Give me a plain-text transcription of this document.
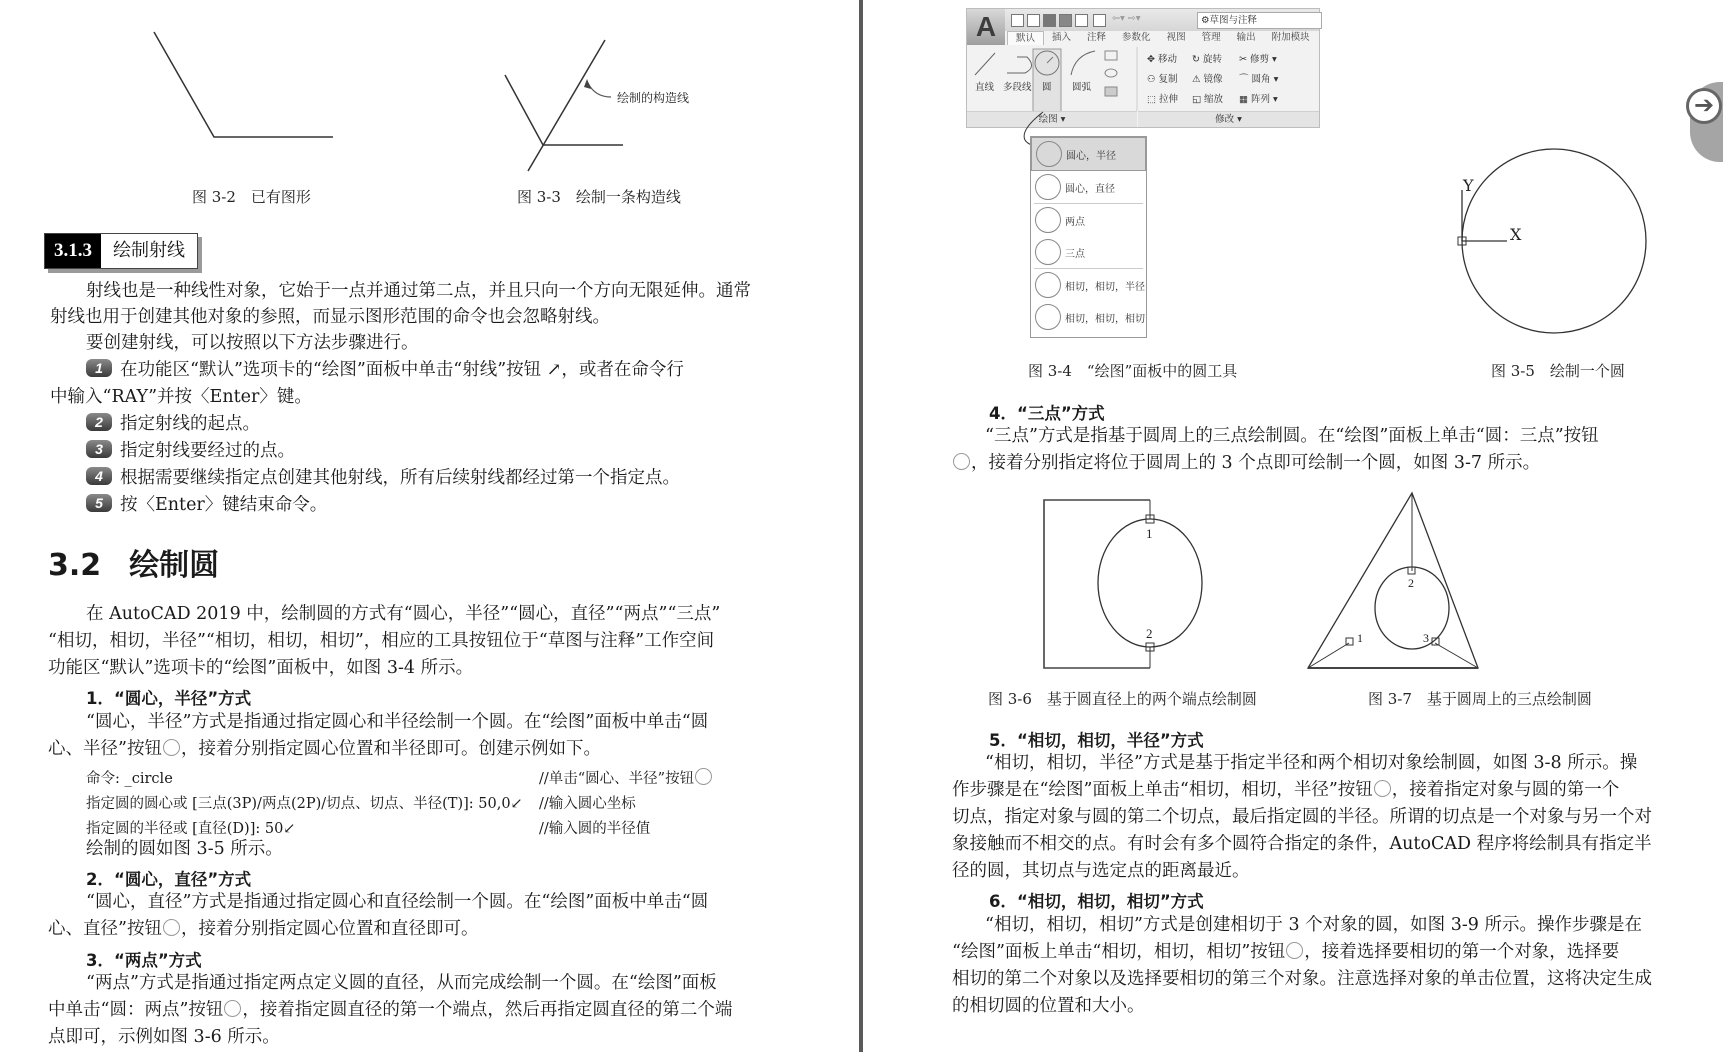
图 3-2　已有图形
绘制的构造线
图 3-3　绘制一条构造线
3.1.3	绘制射线
射线也是一种线性对象，它始于一点并通过第二点，并且只向一个方向无限延伸。通常
射线也用于创建其他对象的参照，而显示图形范围的命令也会忽略射线。
要创建射线，可以按照以下方法步骤进行。
1 在功能区“默认”选项卡的“绘图”面板中单击“射线”按钮 ↗，或者在命令行
中输入“RAY”并按〈Enter〉键。
2 指定射线的起点。
3 指定射线要经过的点。
4 根据需要继续指定点创建其他射线，所有后续射线都经过第一个指定点。
5 按〈Enter〉键结束命令。
3.2 绘制圆
在 AutoCAD 2019 中，绘制圆的方式有“圆心，半径”“圆心，直径”“两点”“三点”
“相切，相切，半径”“相切，相切，相切”，相应的工具按钮位于“草图与注释”工作空间
功能区“默认”选项卡的“绘图”面板中，如图 3-4 所示。
1．“圆心，半径”方式
“圆心，半径”方式是指通过指定圆心和半径绘制一个圆。在“绘图”面板中单击“圆
心、半径”按钮 ，接着分别指定圆心位置和半径即可。创建示例如下。
命令: _circle	//单击“圆心、半径”按钮
指定圆的圆心或 [三点(3P)/两点(2P)/切点、切点、半径(T)]: 50,0↙ //输入圆心坐标
指定圆的半径或 [直径(D)]: 50↙	//输入圆的半径值
绘制的圆如图 3-5 所示。
2．“圆心，直径”方式
“圆心，直径”方式是指通过指定圆心和直径绘制一个圆。在“绘图”面板中单击“圆
心、直径”按钮 ，接着分别指定圆心位置和直径即可。
3．“两点”方式
“两点”方式是指通过指定两点定义圆的直径，从而完成绘制一个圆。在“绘图”面板
中单击“圆：两点”按钮 ，接着指定圆直径的第一个端点，然后再指定圆直径的第二个端
点即可，示例如图 3-6 所示。
A	⇦▾ ⇨▾	⚙草图与注释
默认	插入	注释	参数化	视图	管理	输出	附加模块
直线 多段线 圆 圆弧
✥ 移动 ↻ 旋转 ✂ 修剪 ▾
⚇ 复制 ⚠ 镜像 ⌒ 圆角 ▾
⬚ 拉伸 ◱ 缩放 ▦ 阵列 ▾
绘图 ▾	修改 ▾
圆心，半径
圆心，直径
两点
三点
相切，相切，半径
相切，相切，相切
图 3-4　“绘图”面板中的圆工具
Y
X
图 3-5　绘制一个圆
➔
4．“三点”方式
“三点”方式是指基于圆周上的三点绘制圆。在“绘图”面板上单击“圆：三点”按钮
，接着分别指定将位于圆周上的 3 个点即可绘制一个圆，如图 3-7 所示。
1
2
图 3-6　基于圆直径上的两个端点绘制圆
2
1	3
图 3-7　基于圆周上的三点绘制圆
5．“相切，相切，半径”方式
“相切，相切，半径”方式是基于指定半径和两个相切对象绘制圆，如图 3-8 所示。操
作步骤是在“绘图”面板上单击“相切，相切，半径”按钮 ，接着指定对象与圆的第一个
切点，指定对象与圆的第二个切点，最后指定圆的半径。所谓的切点是一个对象与另一个对
象接触而不相交的点。有时会有多个圆符合指定的条件，AutoCAD 程序将绘制具有指定半
径的圆，其切点与选定点的距离最近。
6．“相切，相切，相切”方式
“相切，相切，相切”方式是创建相切于 3 个对象的圆，如图 3-9 所示。操作步骤是在
“绘图”面板上单击“相切，相切，相切”按钮 ，接着选择要相切的第一个对象，选择要
相切的第二个对象以及选择要相切的第三个对象。注意选择对象的单击位置，这将决定生成
的相切圆的位置和大小。
